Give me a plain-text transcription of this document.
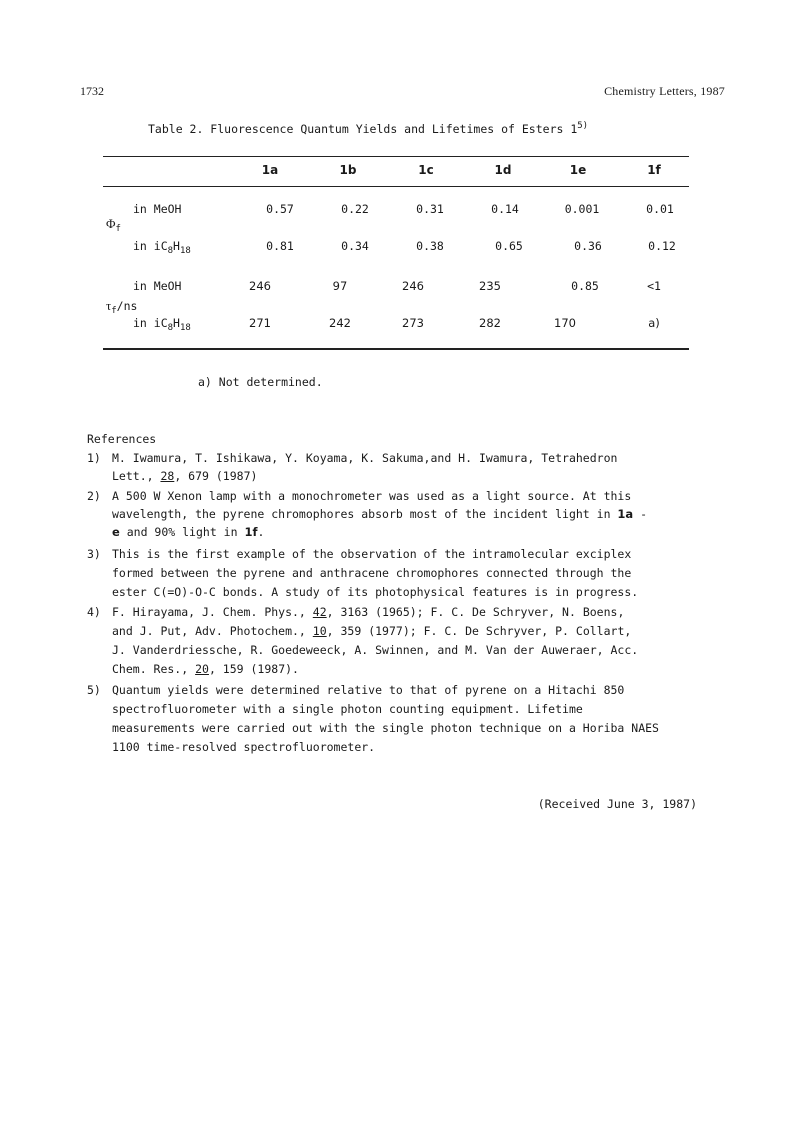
1732	Chemistry Letters, 1987
Table 2. Fluorescence Quantum Yields and Lifetimes of Esters 1$^{5)}$
1a	1b	1c	1d	1e	1f
$\Phi_f$
in MeOH	0.57	0.22	0.31	0.14	0.001	0.01
in $iC_8H_{18}$	0.81	0.34	0.38	0.65	0.36	0.12
$\tau_f/ns$
in MeOH	246	97	246	235	0.85	<1
in $iC_8H_{18}$	271	242	273	282	170	a)
a) Not determined.
References
1) M. Iwamura, T. Ishikawa, Y. Koyama, K. Sakuma,and H. Iwamura, Tetrahedron
Lett., 28, 679 (1987)
2) A 500 W Xenon lamp with a monochrometer was used as a light source. At this
wavelength, the pyrene chromophores absorb most of the incident light in 1a -
e and 90% light in 1f.
3) This is the first example of the observation of the intramolecular exciplex
formed between the pyrene and anthracene chromophores connected through the
ester C(=O)-O-C bonds. A study of its photophysical features is in progress.
4) F. Hirayama, J. Chem. Phys., 42, 3163 (1965); F. C. De Schryver, N. Boens,
and J. Put, Adv. Photochem., 10, 359 (1977); F. C. De Schryver, P. Collart,
J. Vanderdriessche, R. Goedeweeck, A. Swinnen, and M. Van der Auweraer, Acc.
Chem. Res., 20, 159 (1987).
5) Quantum yields were determined relative to that of pyrene on a Hitachi 850
spectrofluorometer with a single photon counting equipment. Lifetime
measurements were carried out with the single photon technique on a Horiba NAES
1100 time-resolved spectrofluorometer.
(Received June 3, 1987)
